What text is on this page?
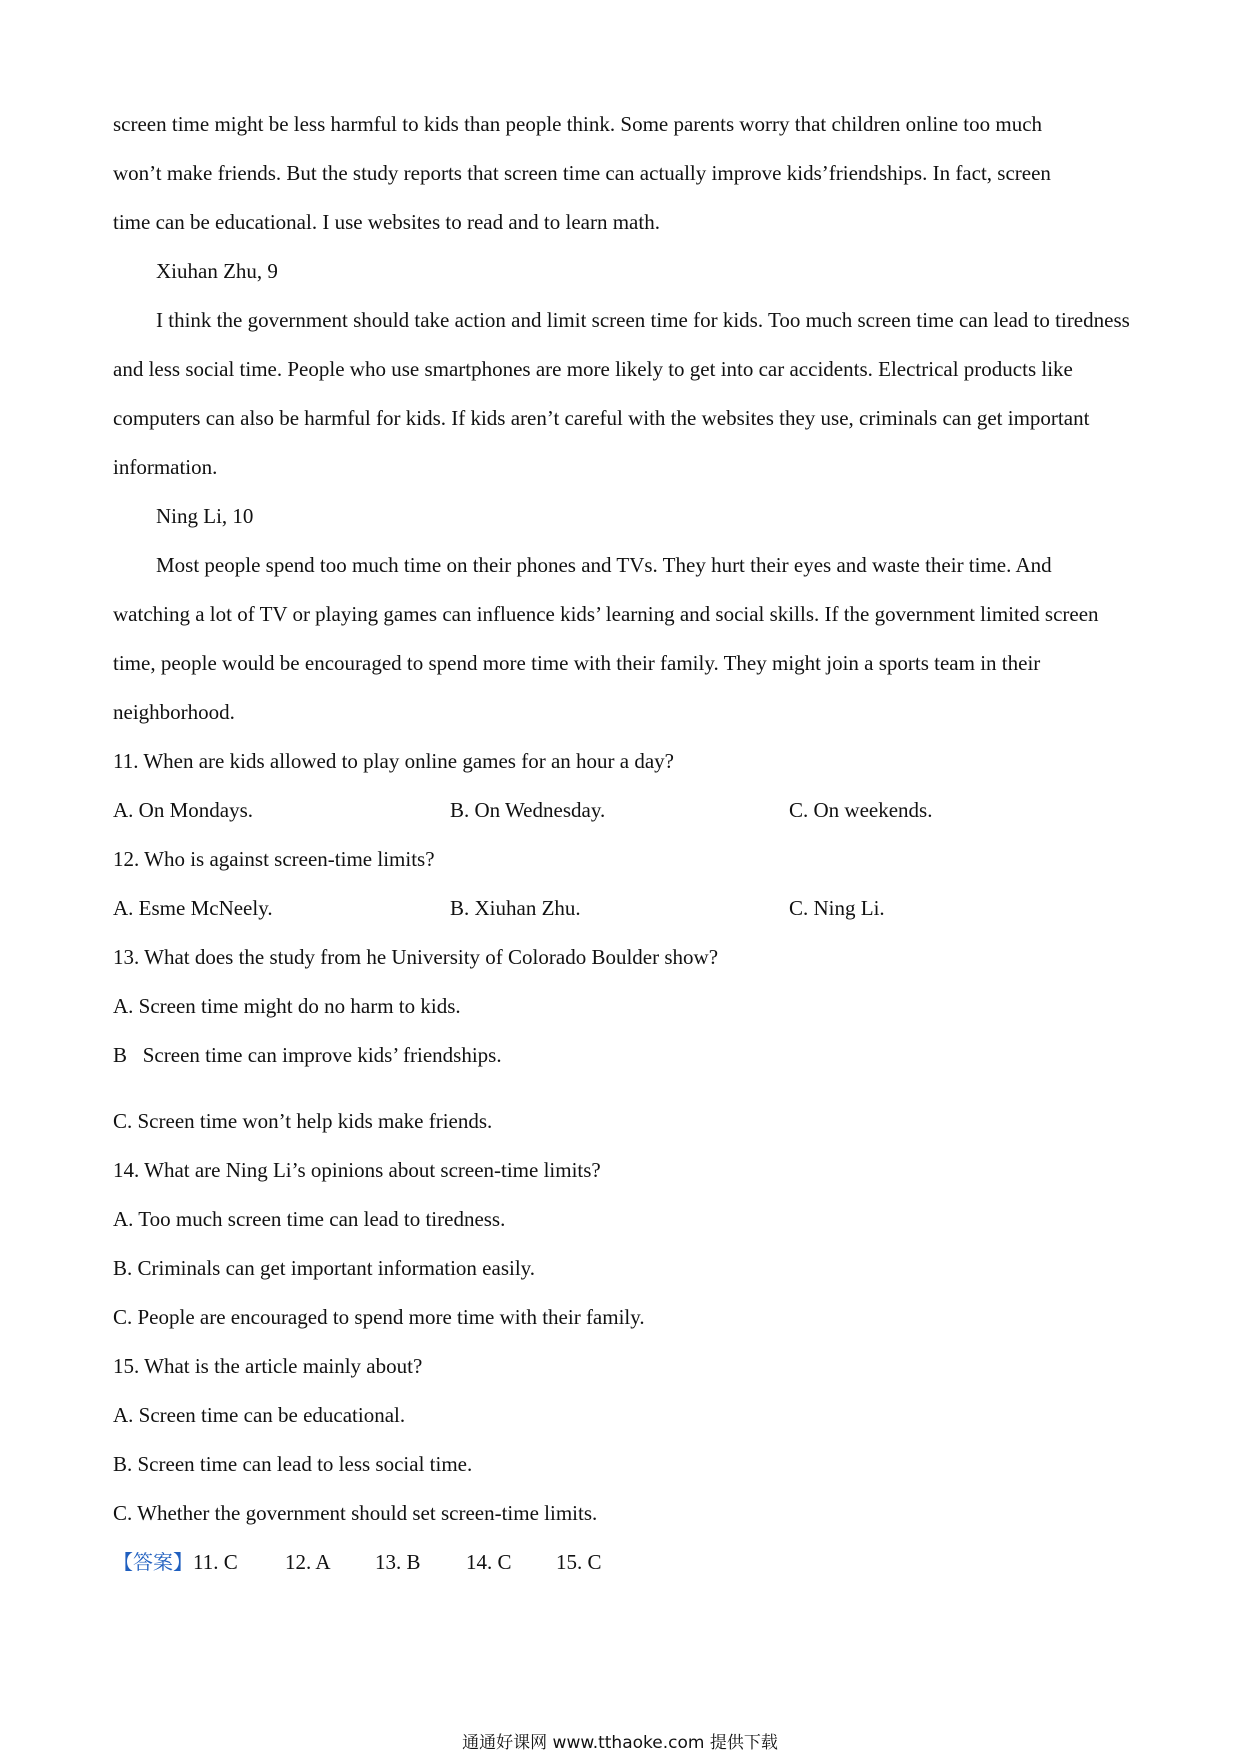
screen time might be less harmful to kids than people think. Some parents worry that children online too much

won’t make friends. But the study reports that screen time can actually improve kids’friendships. In fact, screen

time can be educational. I use websites to read and to learn math.

Xiuhan Zhu, 9

I think the government should take action and limit screen time for kids. Too much screen time can lead to tiredness and less social time. People who use smartphones are more likely to get into car accidents. Electrical products like computers can also be harmful for kids. If kids aren’t careful with the websites they use, criminals can get important information.

Ning Li, 10

Most people spend too much time on their phones and TVs. They hurt their eyes and waste their time. And watching a lot of TV or playing games can influence kids’ learning and social skills. If the government limited screen time, people would be encouraged to spend more time with their family. They might join a sports team in their neighborhood.

11. When are kids allowed to play online games for an hour a day?

A. On Mondays.	B. On Wednesday.	C. On weekends.

12. Who is against screen-time limits?

A. Esme McNeely.	B. Xiuhan Zhu.	C. Ning Li.

13. What does the study from he University of Colorado Boulder show?

A. Screen time might do no harm to kids.

B   Screen time can improve kids’ friendships.

C. Screen time won’t help kids make friends.

14. What are Ning Li’s opinions about screen-time limits?

A. Too much screen time can lead to tiredness.

B. Criminals can get important information easily.

C. People are encouraged to spend more time with their family.

15. What is the article mainly about?

A. Screen time can be educational.

B. Screen time can lead to less social time.

C. Whether the government should set screen-time limits.

【答案】11. C 12. A 13. B 14. C 15. C

通通好课网 www.tthaoke.com 提供下载
